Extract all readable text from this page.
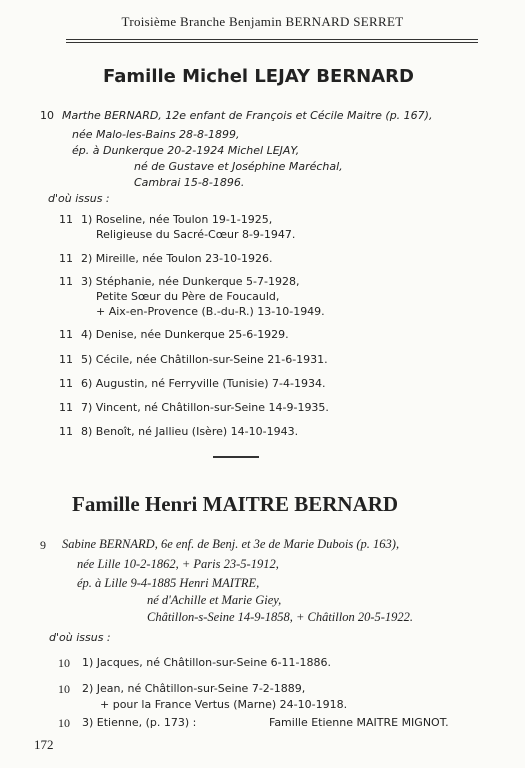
Troisième Branche Benjamin BERNARD SERRET
Famille Michel LEJAY BERNARD
10 Marthe BERNARD, 12e enfant de François et Cécile Maitre (p. 167),
née Malo-les-Bains 28-8-1899,
ép. à Dunkerque 20-2-1924 Michel LEJAY,
né de Gustave et Joséphine Maréchal,
Cambrai 15-8-1896.
d'où issus :
11 1) Roseline, née Toulon 19-1-1925,
Religieuse du Sacré-Cœur 8-9-1947.
11 2) Mireille, née Toulon 23-10-1926.
11 3) Stéphanie, née Dunkerque 5-7-1928,
Petite Sœur du Père de Foucauld,
+ Aix-en-Provence (B.-du-R.) 13-10-1949.
11 4) Denise, née Dunkerque 25-6-1929.
11 5) Cécile, née Châtillon-sur-Seine 21-6-1931.
11 6) Augustin, né Ferryville (Tunisie) 7-4-1934.
11 7) Vincent, né Châtillon-sur-Seine 14-9-1935.
11 8) Benoît, né Jallieu (Isère) 14-10-1943.
Famille Henri MAITRE BERNARD
9 Sabine BERNARD, 6e enf. de Benj. et 3e de Marie Dubois (p. 163),
née Lille 10-2-1862, + Paris 23-5-1912,
ép. à Lille 9-4-1885 Henri MAITRE,
né d'Achille et Marie Giey,
Châtillon-s-Seine 14-9-1858, + Châtillon 20-5-1922.
d'où issus :
10 1) Jacques, né Châtillon-sur-Seine 6-11-1886.
10 2) Jean, né Châtillon-sur-Seine 7-2-1889,
+ pour la France Vertus (Marne) 24-10-1918.
10 3) Etienne, (p. 173) :	Famille Etienne MAITRE MIGNOT.
172
